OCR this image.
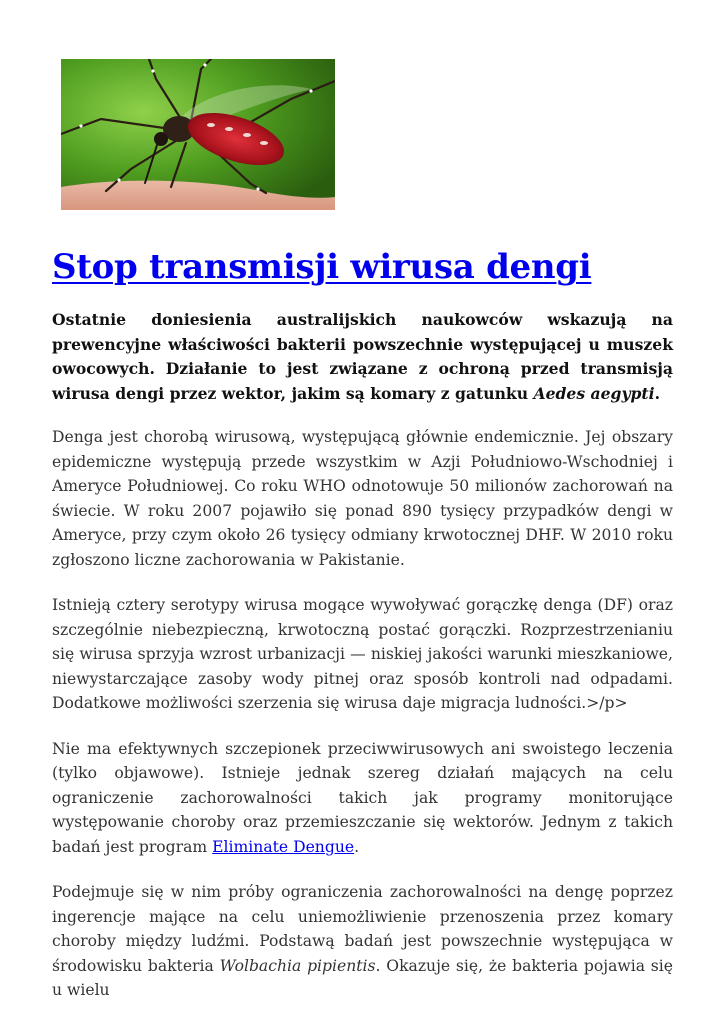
Stop transmisji wirusa dengi

Ostatnie doniesienia australijskich naukowców wskazują na prewencyjne właściwości bakterii powszechnie występującej u muszek owocowych. Działanie to jest związane z ochroną przed transmisją wirusa dengi przez wektor, jakim są komary z gatunku Aedes aegypti.

Denga jest chorobą wirusową, występującą głównie endemicznie. Jej obszary epidemiczne występują przede wszystkim w Azji Południowo-Wschodniej i Ameryce Południowej. Co roku WHO odnotowuje 50 milionów zachorowań na świecie. W roku 2007 pojawiło się ponad 890 tysięcy przypadków dengi w Ameryce, przy czym około 26 tysięcy odmiany krwotocznej DHF. W 2010 roku zgłoszono liczne zachorowania w Pakistanie.

Istnieją cztery serotypy wirusa mogące wywoływać gorączkę denga (DF) oraz szczególnie niebezpieczną, krwotoczną postać gorączki. Rozprzestrzenianiu się wirusa sprzyja wzrost urbanizacji — niskiej jakości warunki mieszkaniowe, niewystarczające zasoby wody pitnej oraz sposób kontroli nad odpadami. Dodatkowe możliwości szerzenia się wirusa daje migracja ludności.>/p>

Nie ma efektywnych szczepionek przeciwwirusowych ani swoistego leczenia (tylko objawowe). Istnieje jednak szereg działań mających na celu ograniczenie zachorowalności takich jak programy monitorujące występowanie choroby oraz przemieszczanie się wektorów. Jednym z takich badań jest program Eliminate Dengue.

Podejmuje się w nim próby ograniczenia zachorowalności na dengę poprzez ingerencje mające na celu uniemożliwienie przenoszenia przez komary choroby między ludźmi. Podstawą badań jest powszechnie występująca w środowisku bakteria Wolbachia pipientis. Okazuje się, że bakteria pojawia się u wielu
